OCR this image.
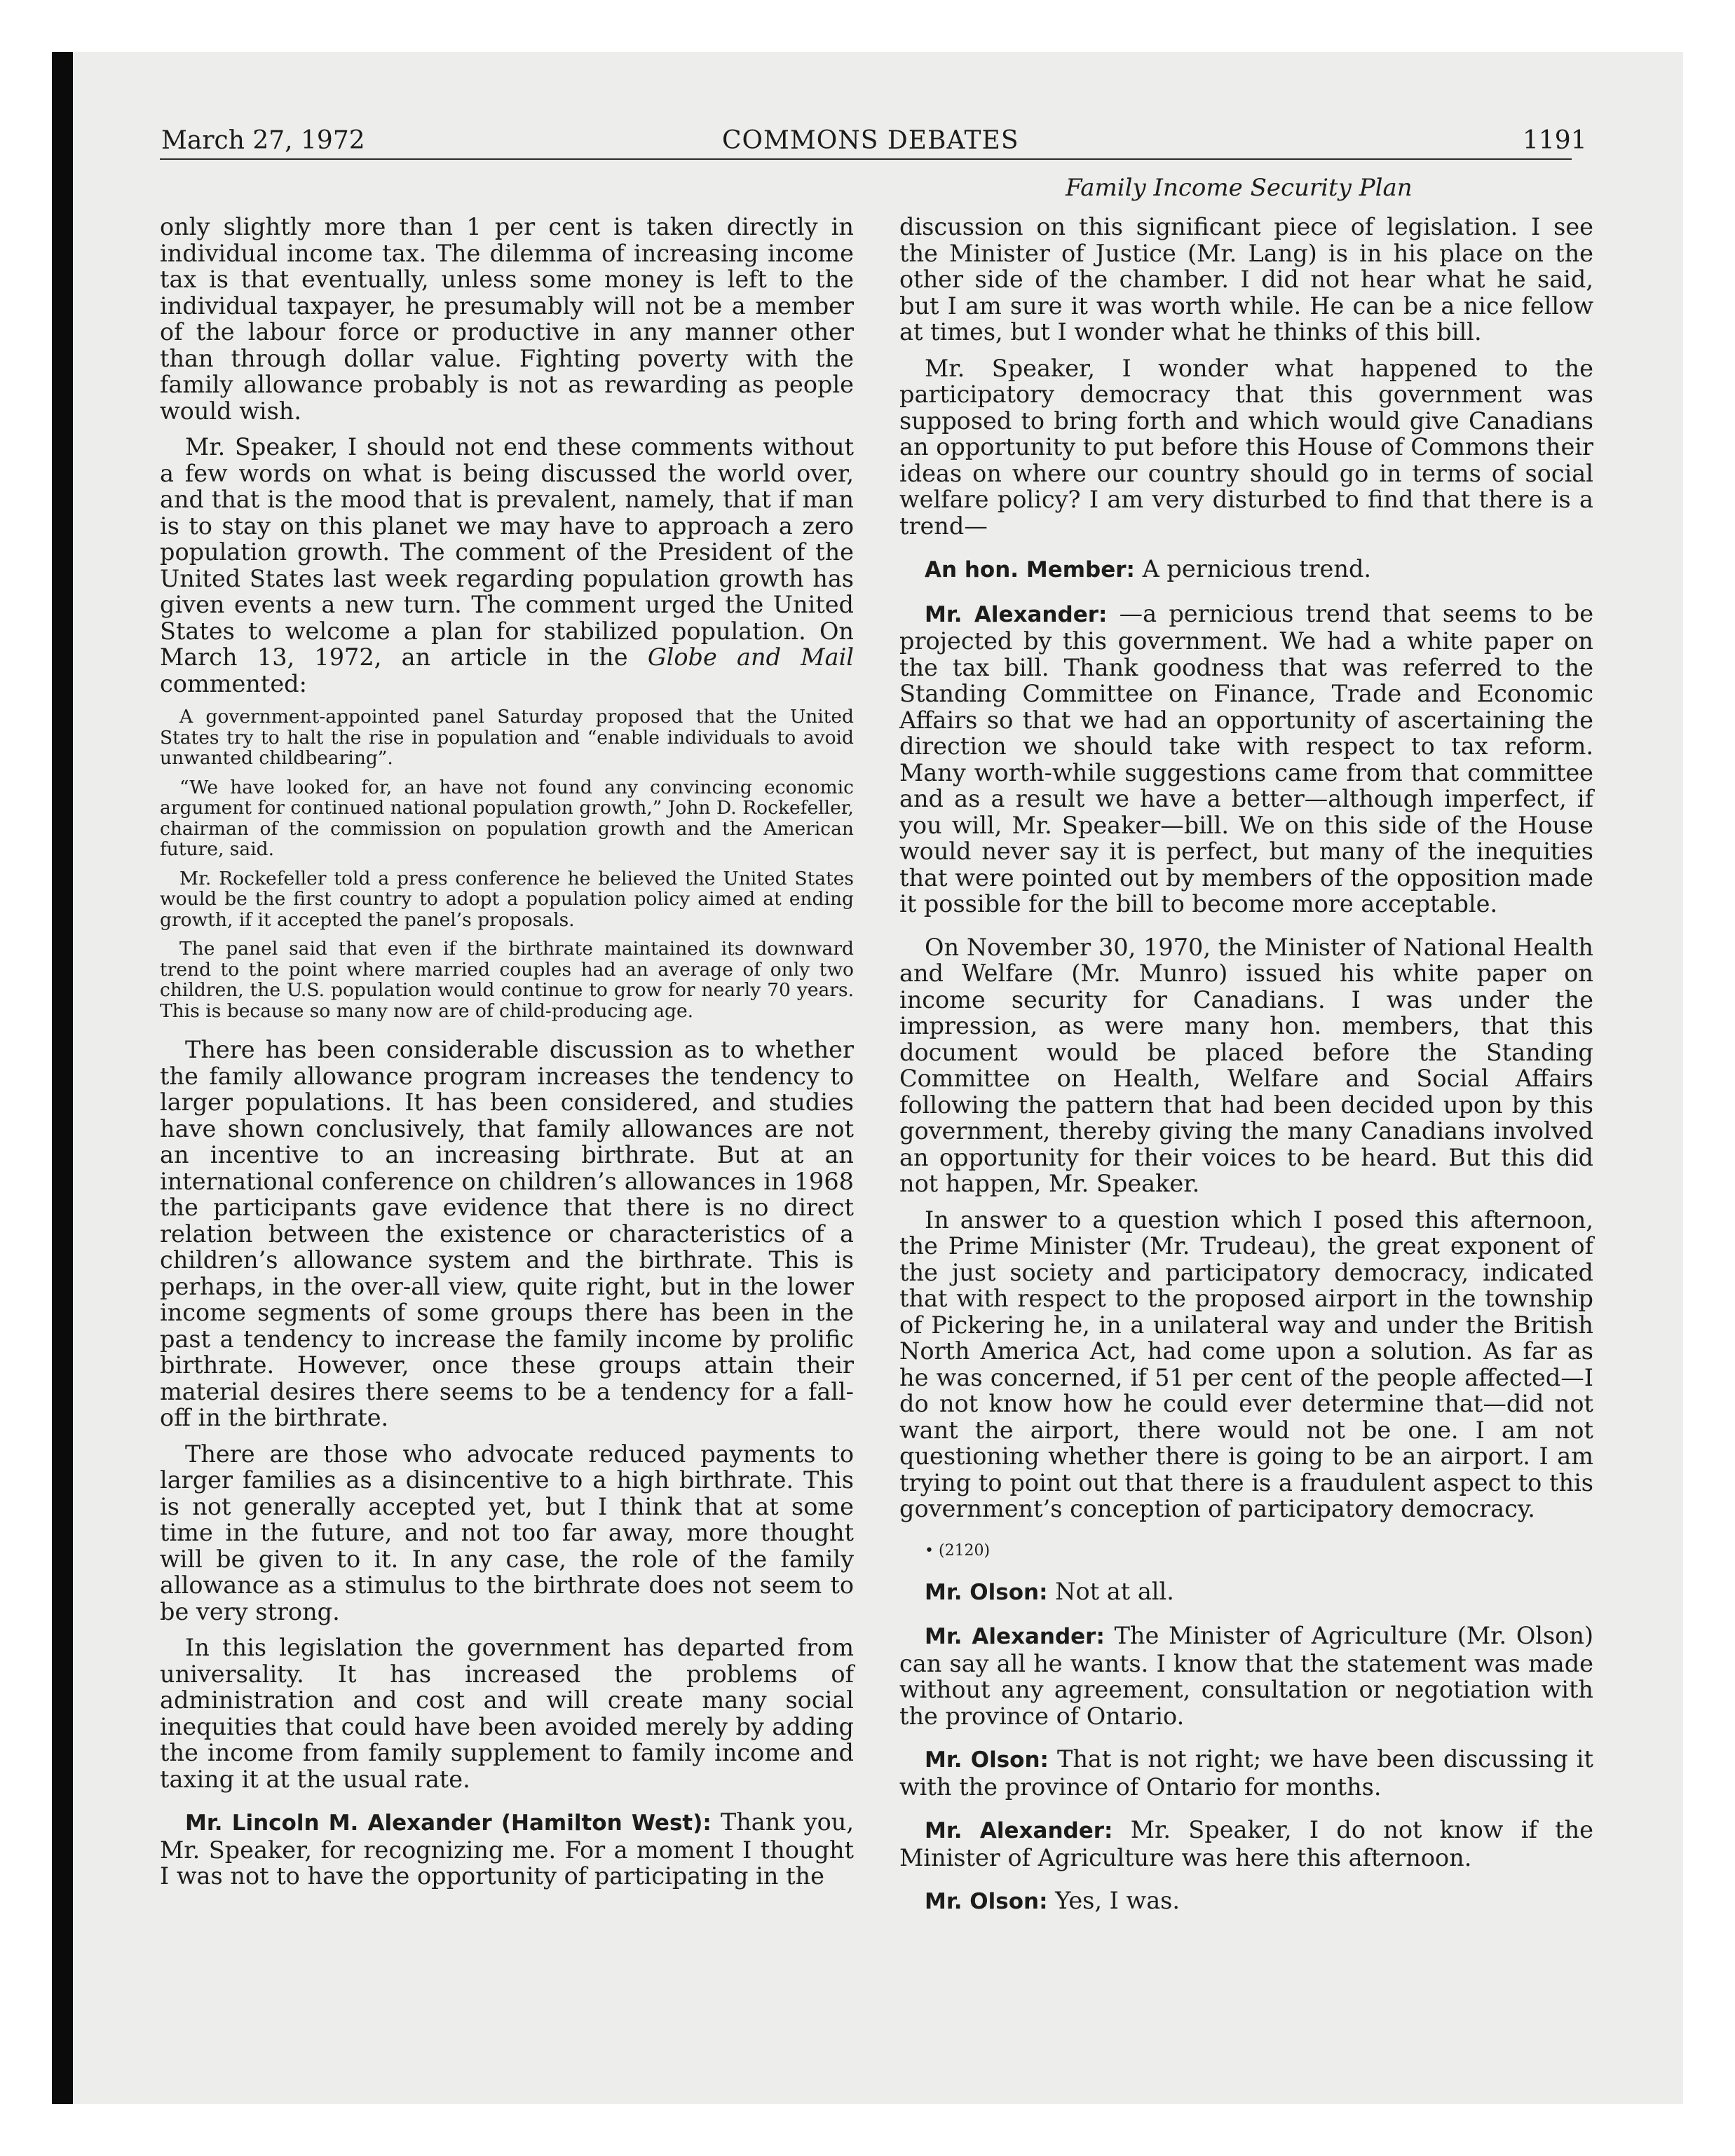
March 27, 1972	COMMONS DEBATES	1191
Family Income Security Plan

only slightly more than 1 per cent is taken directly in individual income tax. The dilemma of increasing income tax is that eventually, unless some money is left to the individual taxpayer, he presumably will not be a member of the labour force or productive in any manner other than through dollar value. Fighting poverty with the family allowance probably is not as rewarding as people would wish.

Mr. Speaker, I should not end these comments without a few words on what is being discussed the world over, and that is the mood that is prevalent, namely, that if man is to stay on this planet we may have to approach a zero population growth. The comment of the President of the United States last week regarding population growth has given events a new turn. The comment urged the United States to welcome a plan for stabilized population. On March 13, 1972, an article in the Globe and Mail commented:

A government-appointed panel Saturday proposed that the United States try to halt the rise in population and “enable individuals to avoid unwanted childbearing”.

“We have looked for, an have not found any convincing economic argument for continued national population growth,” John D. Rockefeller, chairman of the commission on population growth and the American future, said.

Mr. Rockefeller told a press conference he believed the United States would be the first country to adopt a population policy aimed at ending growth, if it accepted the panel’s proposals.

The panel said that even if the birthrate maintained its downward trend to the point where married couples had an average of only two children, the U.S. population would continue to grow for nearly 70 years. This is because so many now are of child-producing age.

There has been considerable discussion as to whether the family allowance program increases the tendency to larger populations. It has been considered, and studies have shown conclusively, that family allowances are not an incentive to an increasing birthrate. But at an international conference on children’s allowances in 1968 the participants gave evidence that there is no direct relation between the existence or characteristics of a children’s allowance system and the birthrate. This is perhaps, in the over-all view, quite right, but in the lower income segments of some groups there has been in the past a tendency to increase the family income by prolific birthrate. However, once these groups attain their material desires there seems to be a tendency for a fall-off in the birthrate.

There are those who advocate reduced payments to larger families as a disincentive to a high birthrate. This is not generally accepted yet, but I think that at some time in the future, and not too far away, more thought will be given to it. In any case, the role of the family allowance as a stimulus to the birthrate does not seem to be very strong.

In this legislation the government has departed from universality. It has increased the problems of administration and cost and will create many social inequities that could have been avoided merely by adding the income from family supplement to family income and taxing it at the usual rate.

Mr. Lincoln M. Alexander (Hamilton West): Thank you, Mr. Speaker, for recognizing me. For a moment I thought I was not to have the opportunity of participating in the

discussion on this significant piece of legislation. I see the Minister of Justice (Mr. Lang) is in his place on the other side of the chamber. I did not hear what he said, but I am sure it was worth while. He can be a nice fellow at times, but I wonder what he thinks of this bill.

Mr. Speaker, I wonder what happened to the participatory democracy that this government was supposed to bring forth and which would give Canadians an opportunity to put before this House of Commons their ideas on where our country should go in terms of social welfare policy? I am very disturbed to find that there is a trend—

An hon. Member: A pernicious trend.

Mr. Alexander: —a pernicious trend that seems to be projected by this government. We had a white paper on the tax bill. Thank goodness that was referred to the Standing Committee on Finance, Trade and Economic Affairs so that we had an opportunity of ascertaining the direction we should take with respect to tax reform. Many worth-while suggestions came from that committee and as a result we have a better—although imperfect, if you will, Mr. Speaker—bill. We on this side of the House would never say it is perfect, but many of the inequities that were pointed out by members of the opposition made it possible for the bill to become more acceptable.

On November 30, 1970, the Minister of National Health and Welfare (Mr. Munro) issued his white paper on income security for Canadians. I was under the impression, as were many hon. members, that this document would be placed before the Standing Committee on Health, Welfare and Social Affairs following the pattern that had been decided upon by this government, thereby giving the many Canadians involved an opportunity for their voices to be heard. But this did not happen, Mr. Speaker.

In answer to a question which I posed this afternoon, the Prime Minister (Mr. Trudeau), the great exponent of the just society and participatory democracy, indicated that with respect to the proposed airport in the township of Pickering he, in a unilateral way and under the British North America Act, had come upon a solution. As far as he was concerned, if 51 per cent of the people affected—I do not know how he could ever determine that—did not want the airport, there would not be one. I am not questioning whether there is going to be an airport. I am trying to point out that there is a fraudulent aspect to this government’s conception of participatory democracy.

• (2120)

Mr. Olson: Not at all.

Mr. Alexander: The Minister of Agriculture (Mr. Olson) can say all he wants. I know that the statement was made without any agreement, consultation or negotiation with the province of Ontario.

Mr. Olson: That is not right; we have been discussing it with the province of Ontario for months.

Mr. Alexander: Mr. Speaker, I do not know if the Minister of Agriculture was here this afternoon.

Mr. Olson: Yes, I was.
